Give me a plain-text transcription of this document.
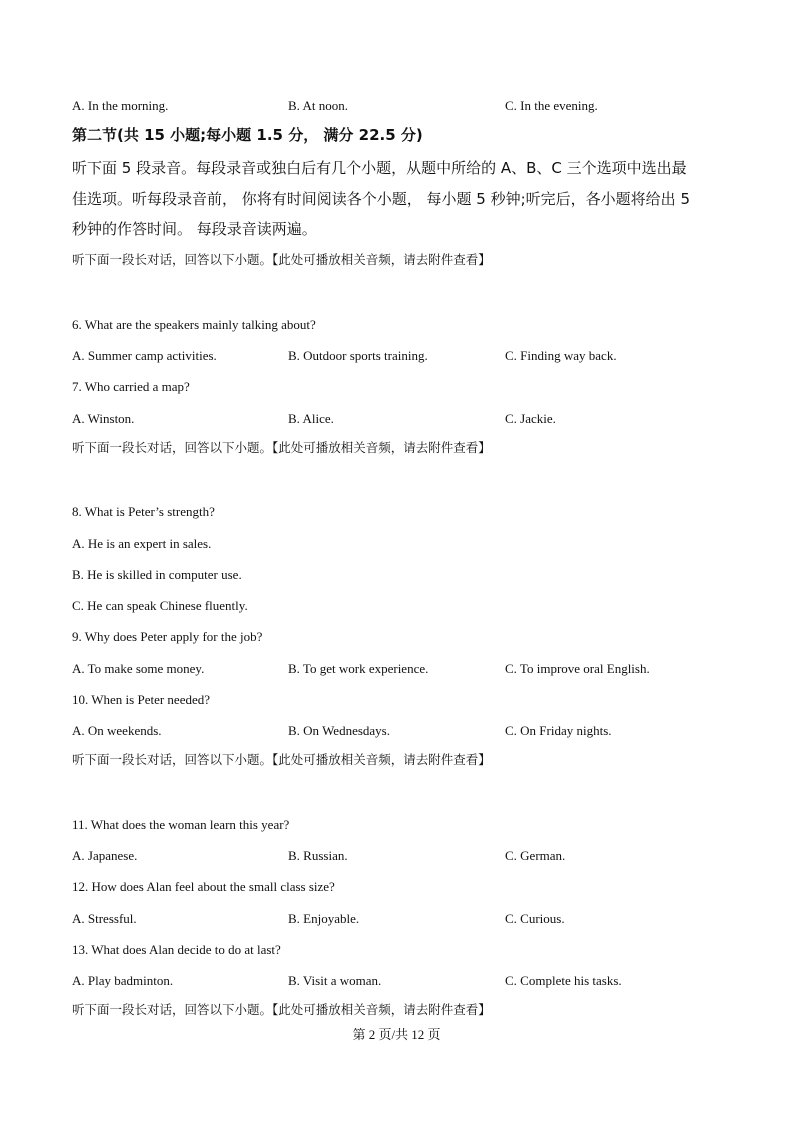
A. In the morning.	B. At noon.	C. In the evening.
第二节(共 15 小题;每小题 1.5 分， 满分 22.5 分)
听下面 5 段录音。每段录音或独白后有几个小题，从题中所给的 A、B、C 三个选项中选出最
佳选项。听每段录音前， 你将有时间阅读各个小题， 每小题 5 秒钟;听完后，各小题将给出 5
秒钟的作答时间。 每段录音读两遍。
听下面一段长对话，回答以下小题。【此处可播放相关音频，请去附件查看】
6. What are the speakers mainly talking about?
A. Summer camp activities.	B. Outdoor sports training.	C. Finding way back.
7. Who carried a map?
A. Winston.	B. Alice.	C. Jackie.
听下面一段长对话，回答以下小题。【此处可播放相关音频，请去附件查看】
8. What is Peter’s strength?
A. He is an expert in sales.
B. He is skilled in computer use.
C. He can speak Chinese fluently.
9. Why does Peter apply for the job?
A. To make some money.	B. To get work experience.	C. To improve oral English.
10. When is Peter needed?
A. On weekends.	B. On Wednesdays.	C. On Friday nights.
听下面一段长对话，回答以下小题。【此处可播放相关音频，请去附件查看】
11. What does the woman learn this year?
A. Japanese.	B. Russian.	C. German.
12. How does Alan feel about the small class size?
A. Stressful.	B. Enjoyable.	C. Curious.
13. What does Alan decide to do at last?
A. Play badminton.	B. Visit a woman.	C. Complete his tasks.
听下面一段长对话，回答以下小题。【此处可播放相关音频，请去附件查看】
第 2 页/共 12 页
